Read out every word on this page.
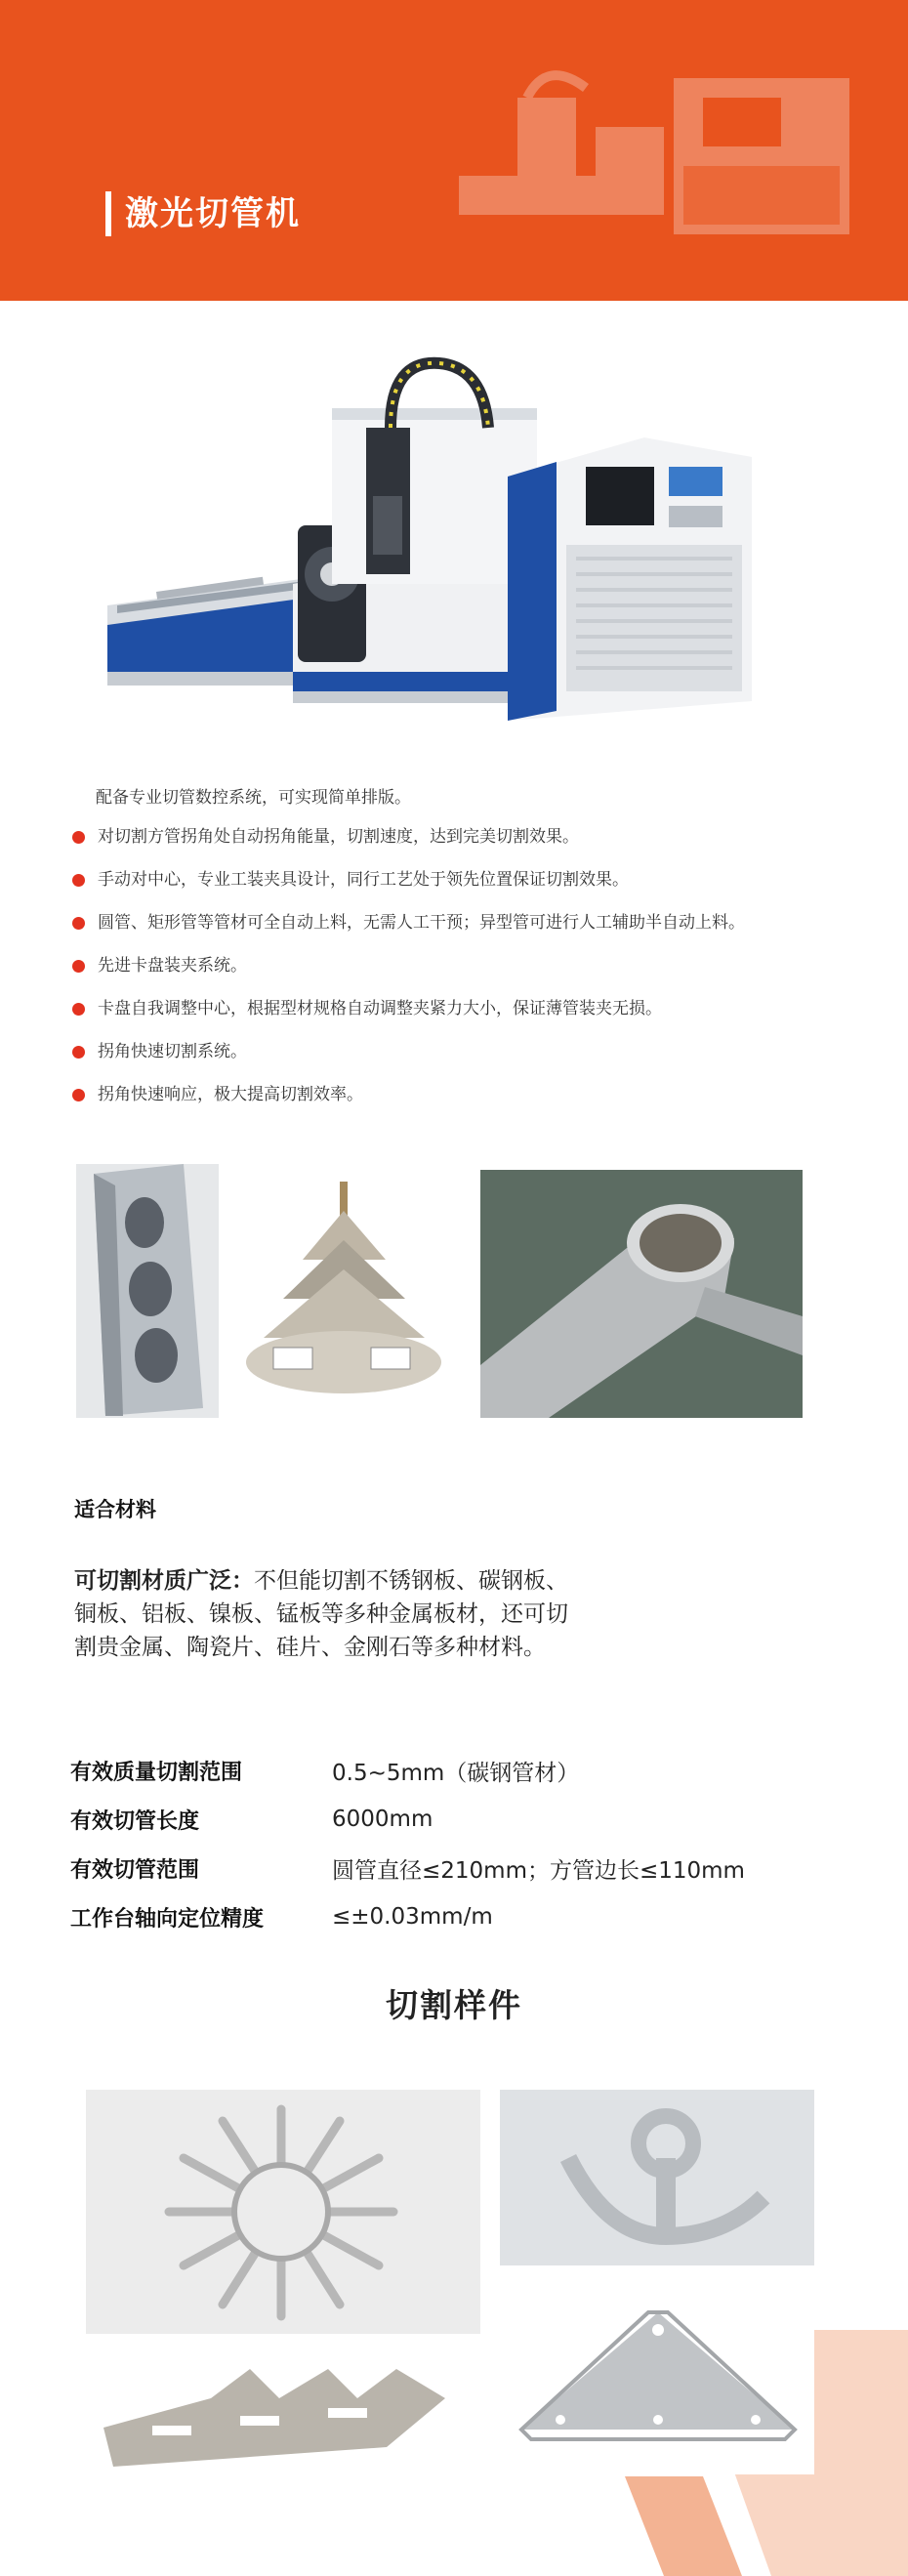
激光切管机
配备专业切管数控系统，可实现简单排版。
对切割方管拐角处自动拐角能量，切割速度，达到完美切割效果。
手动对中心，专业工装夹具设计，同行工艺处于领先位置保证切割效果。
圆管、矩形管等管材可全自动上料，无需人工干预；异型管可进行人工辅助半自动上料。
先进卡盘装夹系统。
卡盘自我调整中心，根据型材规格自动调整夹紧力大小，保证薄管装夹无损。
拐角快速切割系统。
拐角快速响应，极大提高切割效率。
适合材料
可切割材质广泛：不但能切割不锈钢板、碳钢板、铜板、铝板、镍板、锰板等多种金属板材，还可切割贵金属、陶瓷片、硅片、金刚石等多种材料。
有效质量切割范围	0.5~5mm（碳钢管材）
有效切管长度	6000mm
有效切管范围	圆管直径≤210mm；方管边长≤110mm
工作台轴向定位精度	≤±0.03mm/m
切割样件
